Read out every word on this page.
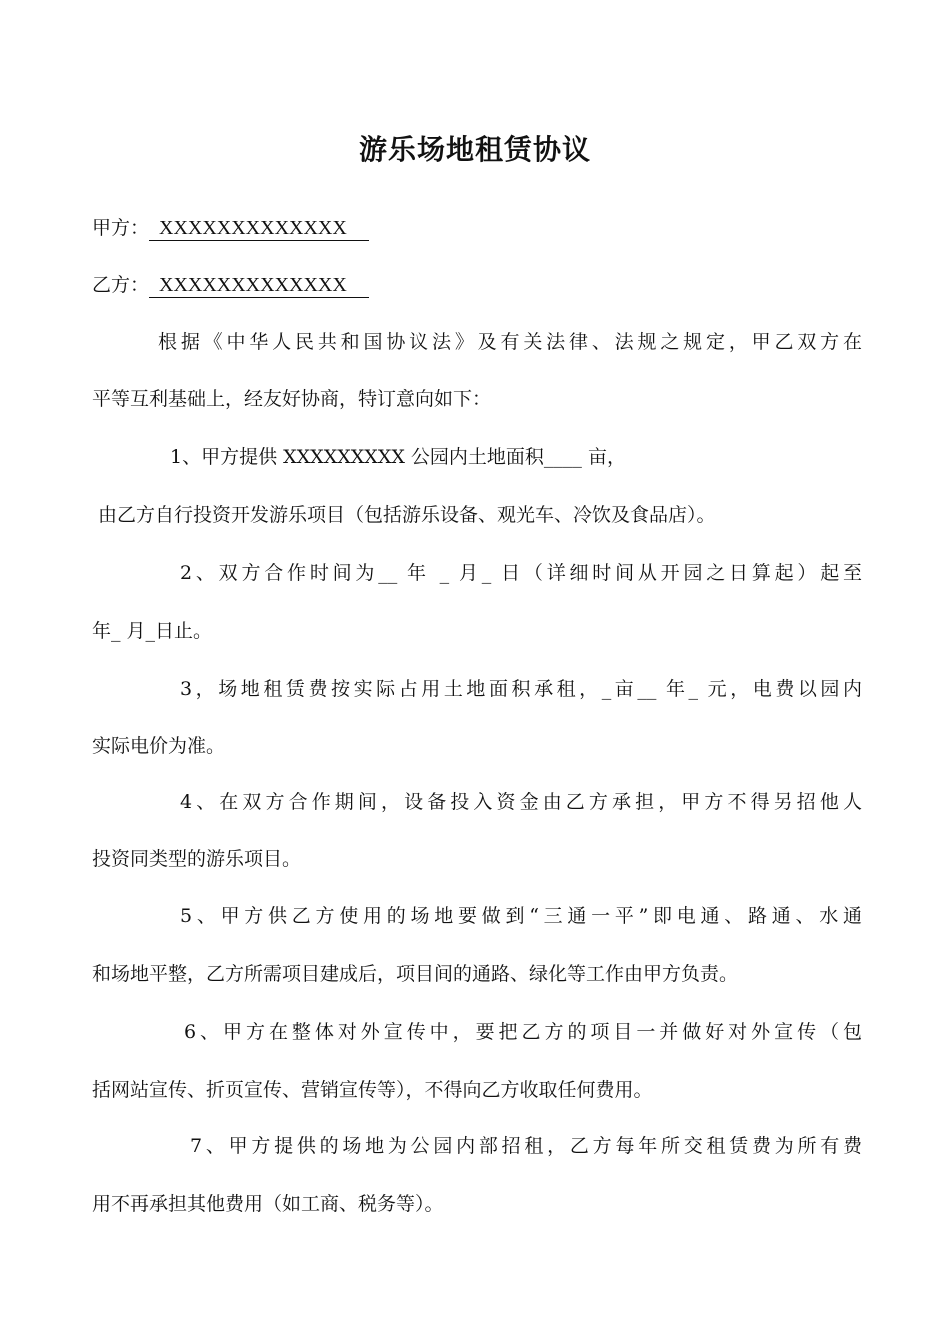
游乐场地租赁协议
甲方： XXXXXXXXXXXXX
乙方： XXXXXXXXXXXXX
根据《中华人民共和国协议法》及有关法律、法规之规定，甲乙双方在
平等互利基础上，经友好协商，特订意向如下：
1、甲方提供 XXXXXXXXX 公园内土地面积____ 亩，
由乙方自行投资开发游乐项目（包括游乐设备、观光车、冷饮及食品店）。
2、双方合作时间为__ 年 _ 月_ 日（详细时间从开园之日算起）起至
年_ 月_日止。
3，场地租赁费按实际占用土地面积承租，_亩__ 年_ 元，电费以园内
实际电价为准。
4、在双方合作期间，设备投入资金由乙方承担，甲方不得另招他人
投资同类型的游乐项目。
5、甲方供乙方使用的场地要做到“三通一平”即电通、路通、水通
和场地平整，乙方所需项目建成后，项目间的通路、绿化等工作由甲方负责。
6、甲方在整体对外宣传中，要把乙方的项目一并做好对外宣传（包
括网站宣传、折页宣传、营销宣传等），不得向乙方收取任何费用。
7、甲方提供的场地为公园内部招租，乙方每年所交租赁费为所有费
用不再承担其他费用（如工商、税务等）。
